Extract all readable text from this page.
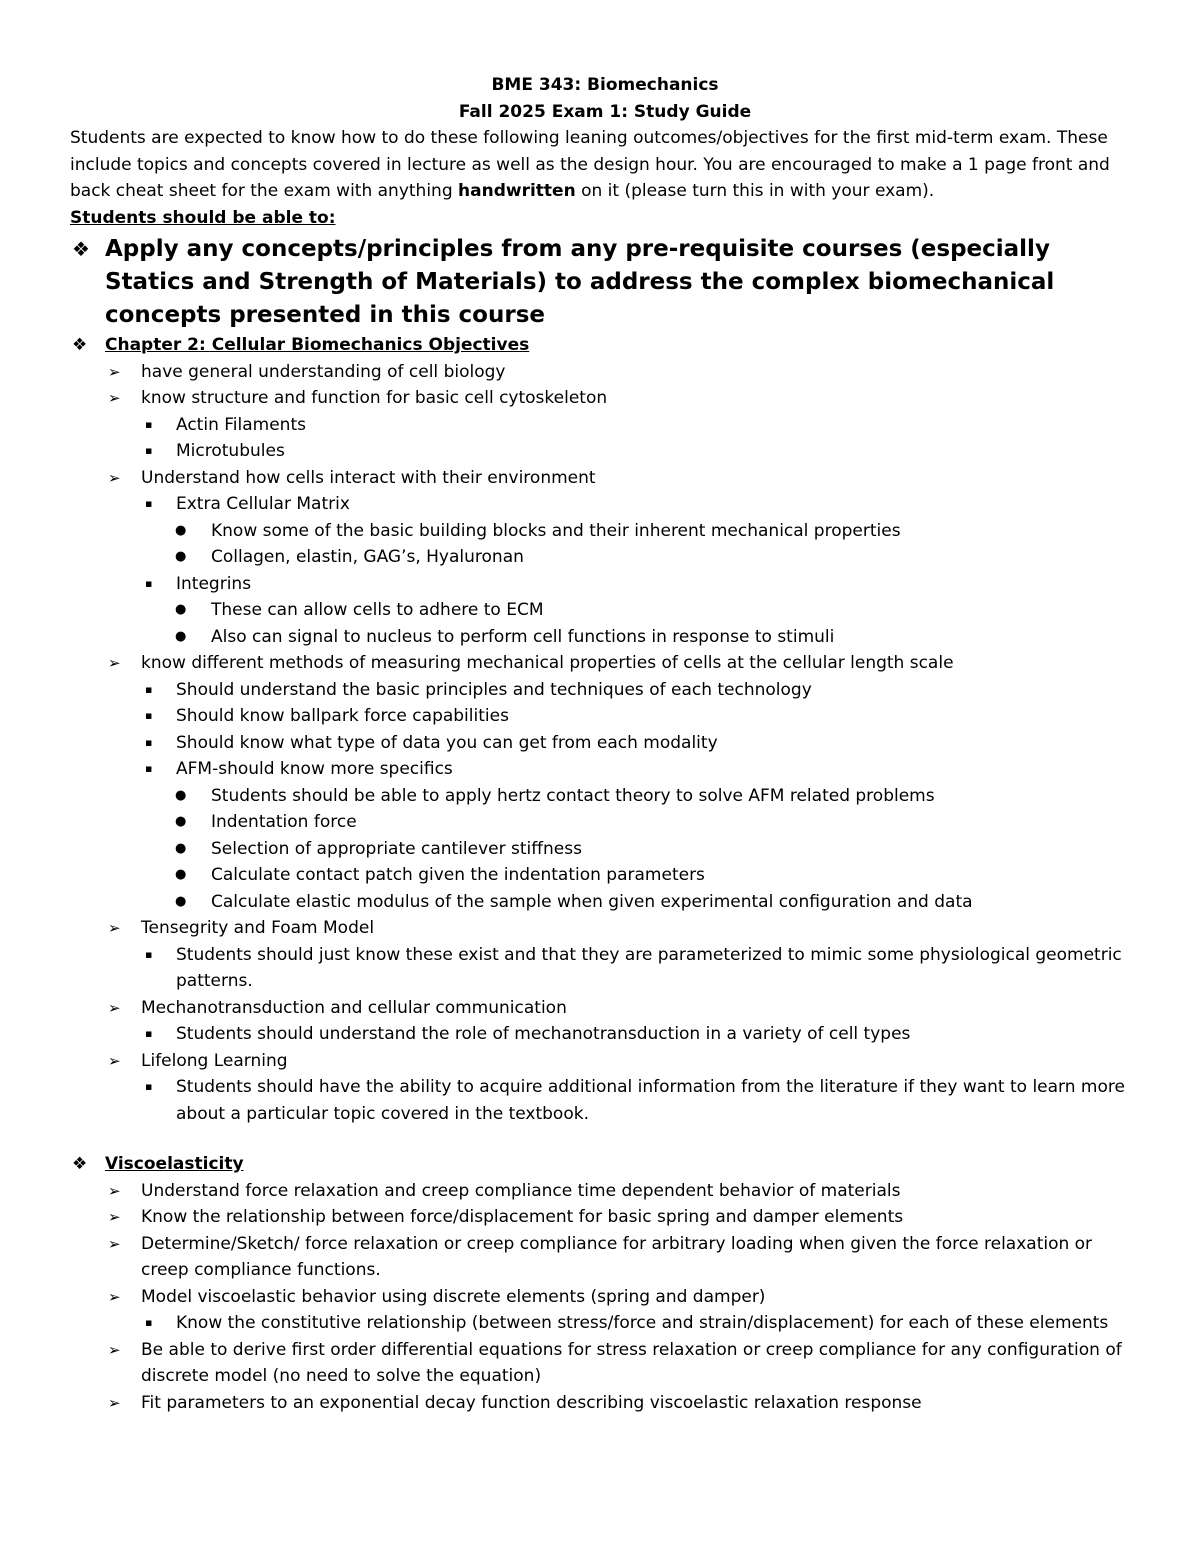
BME 343: Biomechanics
Fall 2025 Exam 1: Study Guide

Students are expected to know how to do these following leaning outcomes/objectives for the first mid-term exam. These include topics and concepts covered in lecture as well as the design hour. You are encouraged to make a 1 page front and back cheat sheet for the exam with anything handwritten on it (please turn this in with your exam).

Students should be able to:
❖ Apply any concepts/principles from any pre-requisite courses (especially Statics and Strength of Materials) to address the complex biomechanical concepts presented in this course
❖ Chapter 2: Cellular Biomechanics Objectives
➢ have general understanding of cell biology
➢ know structure and function for basic cell cytoskeleton
▪ Actin Filaments
▪ Microtubules
➢ Understand how cells interact with their environment
▪ Extra Cellular Matrix
● Know some of the basic building blocks and their inherent mechanical properties
● Collagen, elastin, GAG’s, Hyaluronan
▪ Integrins
● These can allow cells to adhere to ECM
● Also can signal to nucleus to perform cell functions in response to stimuli
➢ know different methods of measuring mechanical properties of cells at the cellular length scale
▪ Should understand the basic principles and techniques of each technology
▪ Should know ballpark force capabilities
▪ Should know what type of data you can get from each modality
▪ AFM-should know more specifics
● Students should be able to apply hertz contact theory to solve AFM related problems
● Indentation force
● Selection of appropriate cantilever stiffness
● Calculate contact patch given the indentation parameters
● Calculate elastic modulus of the sample when given experimental configuration and data
➢ Tensegrity and Foam Model
▪ Students should just know these exist and that they are parameterized to mimic some physiological geometric patterns.
➢ Mechanotransduction and cellular communication
▪ Students should understand the role of mechanotransduction in a variety of cell types
➢ Lifelong Learning
▪ Students should have the ability to acquire additional information from the literature if they want to learn more about a particular topic covered in the textbook.
❖ Viscoelasticity
➢ Understand force relaxation and creep compliance time dependent behavior of materials
➢ Know the relationship between force/displacement for basic spring and damper elements
➢ Determine/Sketch/ force relaxation or creep compliance for arbitrary loading when given the force relaxation or creep compliance functions.
➢ Model viscoelastic behavior using discrete elements (spring and damper)
▪ Know the constitutive relationship (between stress/force and strain/displacement) for each of these elements
➢ Be able to derive first order differential equations for stress relaxation or creep compliance for any configuration of discrete model (no need to solve the equation)
➢ Fit parameters to an exponential decay function describing viscoelastic relaxation response
